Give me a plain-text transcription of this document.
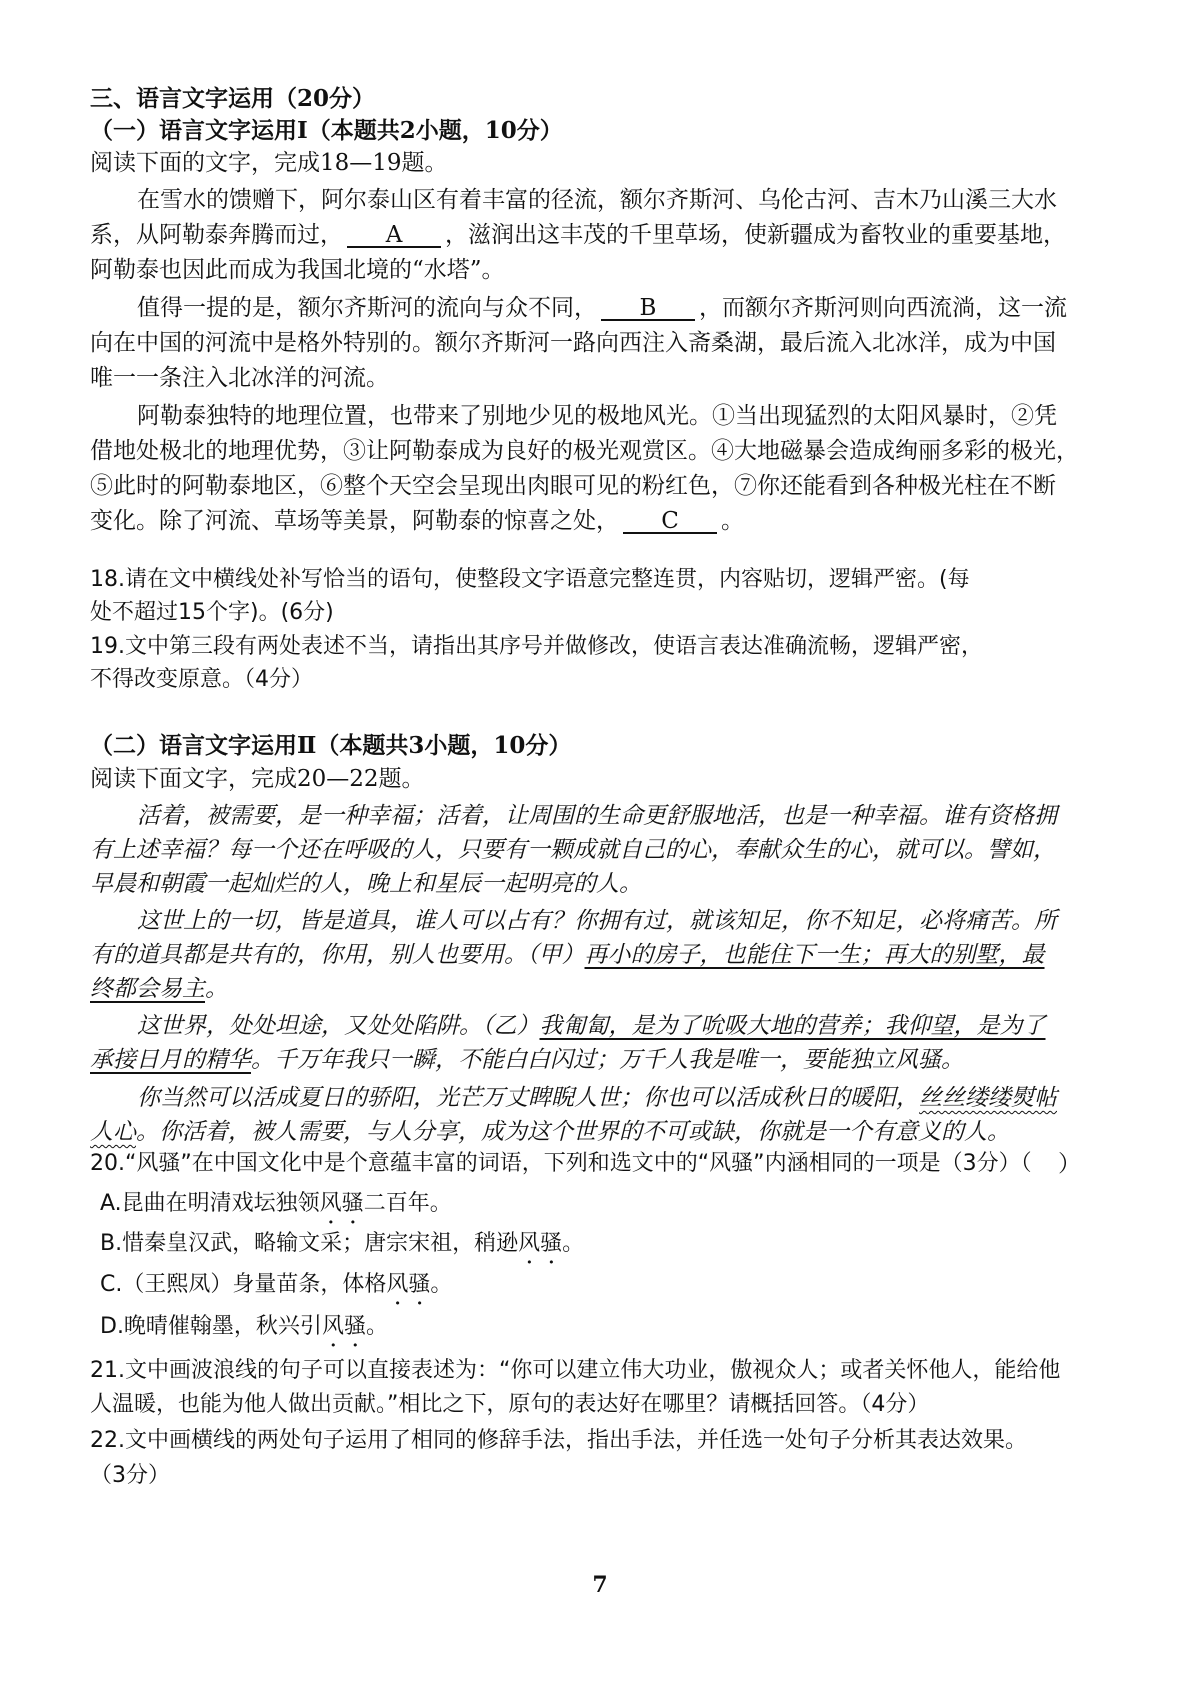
三、语言文字运用（20分）

（一）语言文字运用Ⅰ（本题共2小题，10分）

阅读下面的文字，完成18—19题。

在雪水的馈赠下，阿尔泰山区有着丰富的径流，额尔齐斯河、乌伦古河、吉木乃山溪三大水

系，从阿勒泰奔腾而过， A ，滋润出这丰茂的千里草场，使新疆成为畜牧业的重要基地，

阿勒泰也因此而成为我国北境的“水塔”。

值得一提的是，额尔齐斯河的流向与众不同， B ，而额尔齐斯河则向西流淌，这一流

向在中国的河流中是格外特别的。额尔齐斯河一路向西注入斋桑湖，最后流入北冰洋，成为中国

唯一一条注入北冰洋的河流。

阿勒泰独特的地理位置，也带来了别地少见的极地风光。①当出现猛烈的太阳风暴时，②凭

借地处极北的地理优势，③让阿勒泰成为良好的极光观赏区。④大地磁暴会造成绚丽多彩的极光，

⑤此时的阿勒泰地区，⑥整个天空会呈现出肉眼可见的粉红色，⑦你还能看到各种极光柱在不断

变化。除了河流、草场等美景，阿勒泰的惊喜之处， C 。

18.请在文中横线处补写恰当的语句，使整段文字语意完整连贯，内容贴切，逻辑严密。(每

处不超过15个字)。(6分)

19.文中第三段有两处表述不当，请指出其序号并做修改，使语言表达准确流畅，逻辑严密，

不得改变原意。（4分）

（二）语言文字运用Ⅱ（本题共3小题，10分）

阅读下面文字，完成20—22题。

活着，被需要，是一种幸福；活着，让周围的生命更舒服地活，也是一种幸福。谁有资格拥

有上述幸福？每一个还在呼吸的人，只要有一颗成就自己的心，奉献众生的心，就可以。譬如，

早晨和朝霞一起灿烂的人，晚上和星辰一起明亮的人。

这世上的一切，皆是道具，谁人可以占有？你拥有过，就该知足，你不知足，必将痛苦。所

有的道具都是共有的，你用，别人也要用。（甲）再小的房子，也能住下一生；再大的别墅，最

终都会易主。

这世界，处处坦途，又处处陷阱。（乙）我匍匐，是为了吮吸大地的营养；我仰望，是为了

承接日月的精华。千万年我只一瞬，不能白白闪过；万千人我是唯一，要能独立风骚。

你当然可以活成夏日的骄阳，光芒万丈睥睨人世；你也可以活成秋日的暖阳，丝丝缕缕熨帖

人心。你活着，被人需要，与人分享，成为这个世界的不可或缺，你就是一个有意义的人。

20.“风骚”在中国文化中是个意蕴丰富的词语，下列和选文中的“风骚”内涵相同的一项是（3分）（ ）

A.昆曲在明清戏坛独领风骚二百年。

B.惜秦皇汉武，略输文采；唐宗宋祖，稍逊风骚。

C.（王熙凤）身量苗条，体格风骚。

D.晚晴催翰墨，秋兴引风骚。

21.文中画波浪线的句子可以直接表述为：“你可以建立伟大功业，傲视众人；或者关怀他人，能给他

人温暖，也能为他人做出贡献。”相比之下，原句的表达好在哪里？请概括回答。（4分）

22.文中画横线的两处句子运用了相同的修辞手法，指出手法，并任选一处句子分析其表达效果。

（3分）

7
